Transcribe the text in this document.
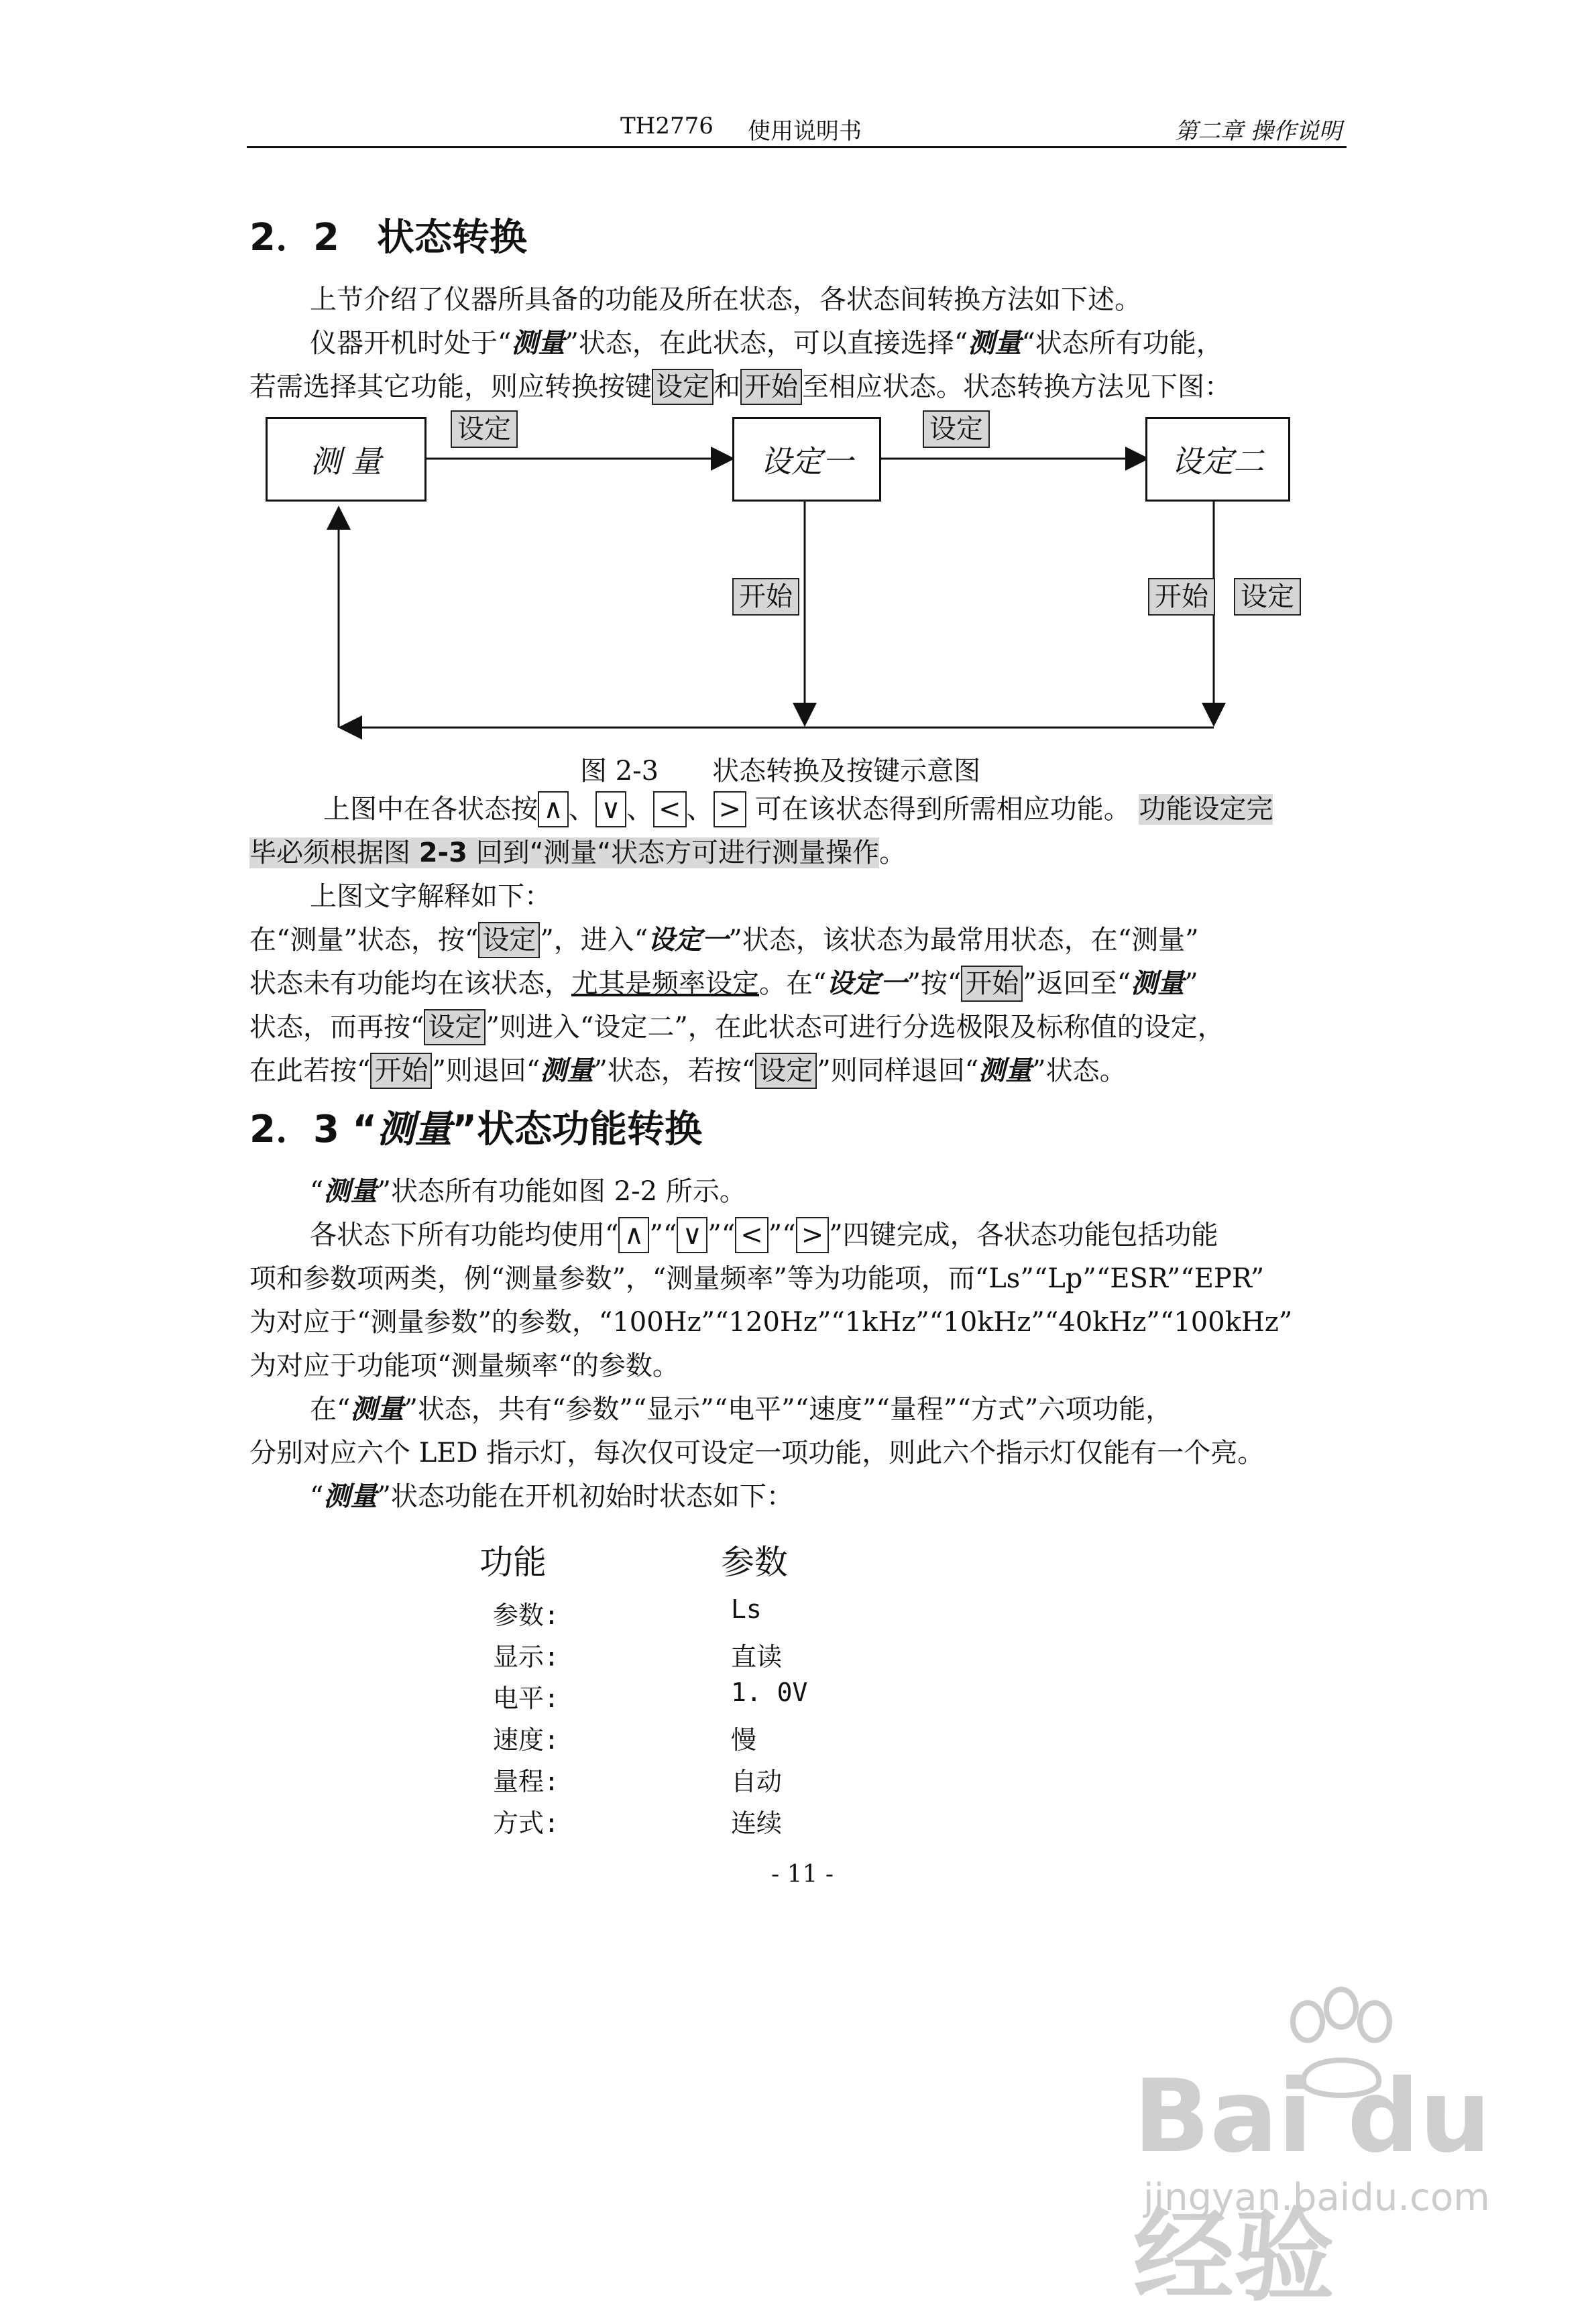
TH2776 使用说明书	第二章 操作说明
2．2　状态转换
上节介绍了仪器所具备的功能及所在状态，各状态间转换方法如下述。
仪器开机时处于“测量”状态，在此状态，可以直接选择“测量“状态所有功能，
若需选择其它功能，则应转换按键 设定 和 开始 至相应状态。状态转换方法见下图：
测 量	设定一	设定二
设定	设定
开始	开始 设定
图 2-3　　状态转换及按键示意图
上图中在各状态按 ∧ 、 ∨ 、 < 、 > 可在该状态得到所需相应功能。 功能设定完
毕必须根据图 2-3 回到“测量“状态方可进行测量操作。
上图文字解释如下：
在“测量”状态，按“ 设定 ”，进入“设定一”状态，该状态为最常用状态，在“测量”
状态未有功能均在该状态，尤其是频率设定。在“设定一”按“ 开始 ”返回至“测量”
状态，而再按“ 设定 ”则进入“设定二”，在此状态可进行分选极限及标称值的设定，
在此若按“ 开始 ”则退回“测量”状态，若按“ 设定 ”则同样退回“测量”状态。
2．3 “测量”状态功能转换
“测量”状态所有功能如图 2-2 所示。
各状态下所有功能均使用“ ∧ ”“ ∨ ”“ < ”“ > ”四键完成，各状态功能包括功能
项和参数项两类，例“测量参数”，“测量频率”等为功能项，而“Ls”“Lp”“ESR”“EPR”
为对应于“测量参数”的参数，“100Hz”“120Hz”“1kHz”“10kHz”“40kHz”“100kHz”
为对应于功能项“测量频率“的参数。
在“测量”状态，共有“参数”“显示”“电平”“速度”“量程”“方式”六项功能，
分别对应六个 LED 指示灯，每次仅可设定一项功能，则此六个指示灯仅能有一个亮。
“测量”状态功能在开机初始时状态如下：
功能	参数
参数:	Ls
显示:	直读
电平:	1. 0V
速度:	慢
量程:	自动
方式:	连续
- 11 -
Bai du 经验
jingyan.baidu.com
